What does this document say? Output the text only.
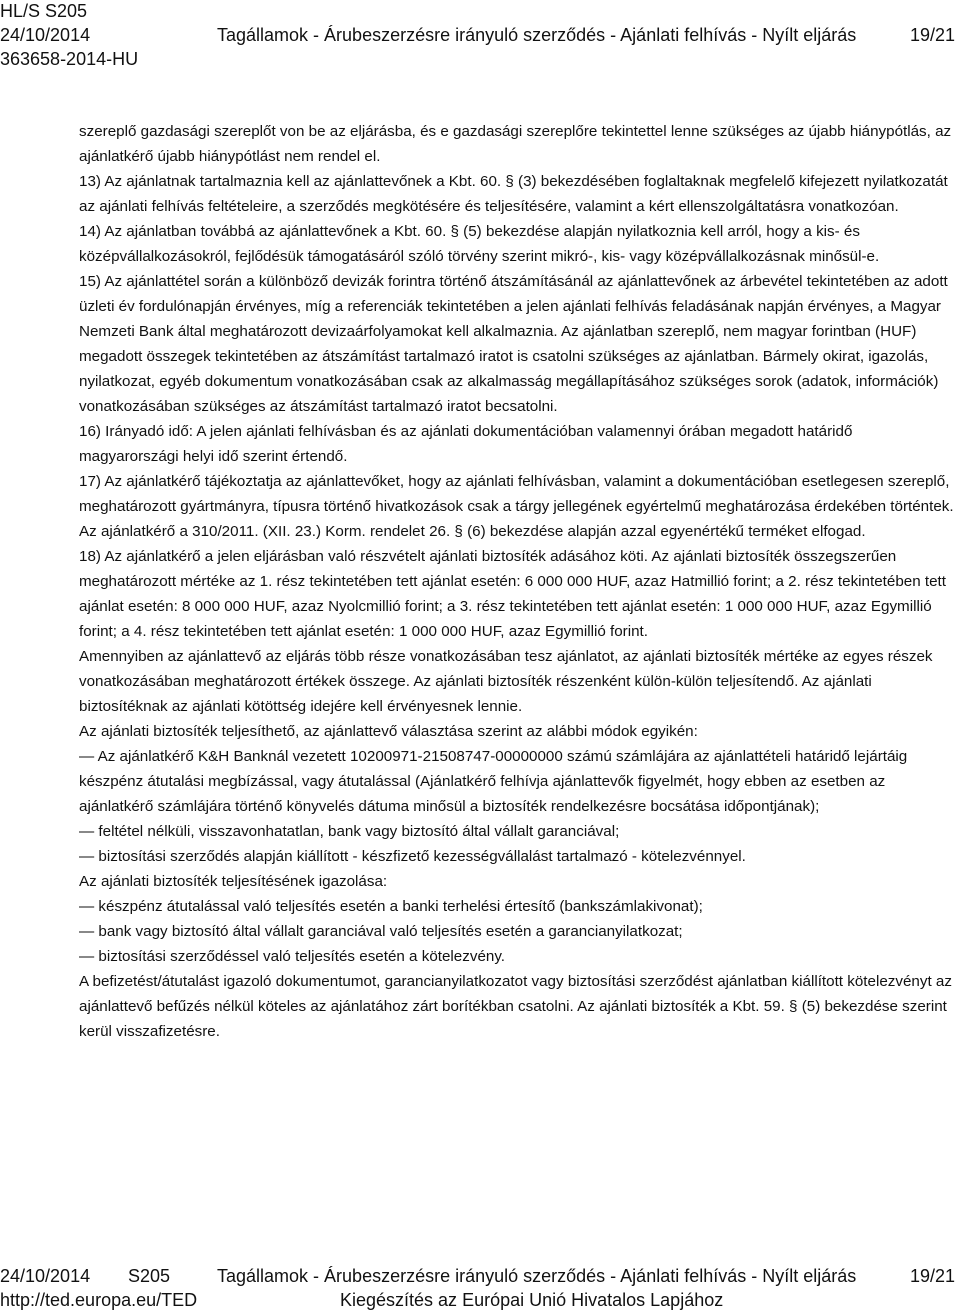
HL/S S205
24/10/2014	Tagállamok - Árubeszerzésre irányuló szerződés - Ajánlati felhívás - Nyílt eljárás	19/21
363658-2014-HU

szereplő gazdasági szereplőt von be az eljárásba, és e gazdasági szereplőre tekintettel lenne szükséges az újabb hiánypótlás, az ajánlatkérő újabb hiánypótlást nem rendel el.

13) Az ajánlatnak tartalmaznia kell az ajánlattevőnek a Kbt. 60. § (3) bekezdésében foglaltaknak megfelelő kifejezett nyilatkozatát az ajánlati felhívás feltételeire, a szerződés megkötésére és teljesítésére, valamint a kért ellenszolgáltatásra vonatkozóan.

14) Az ajánlatban továbbá az ajánlattevőnek a Kbt. 60. § (5) bekezdése alapján nyilatkoznia kell arról, hogy a kis- és középvállalkozásokról, fejlődésük támogatásáról szóló törvény szerint mikró-, kis- vagy középvállalkozásnak minősül-e.

15) Az ajánlattétel során a különböző devizák forintra történő átszámításánál az ajánlattevőnek az árbevétel tekintetében az adott üzleti év fordulónapján érvényes, míg a referenciák tekintetében a jelen ajánlati felhívás feladásának napján érvényes, a Magyar Nemzeti Bank által meghatározott devizaárfolyamokat kell alkalmaznia. Az ajánlatban szereplő, nem magyar forintban (HUF) megadott összegek tekintetében az átszámítást tartalmazó iratot is csatolni szükséges az ajánlatban. Bármely okirat, igazolás, nyilatkozat, egyéb dokumentum vonatkozásában csak az alkalmasság megállapításához szükséges sorok (adatok, információk) vonatkozásában szükséges az átszámítást tartalmazó iratot becsatolni.

16) Irányadó idő: A jelen ajánlati felhívásban és az ajánlati dokumentációban valamennyi órában megadott határidő magyarországi helyi idő szerint értendő.

17) Az ajánlatkérő tájékoztatja az ajánlattevőket, hogy az ajánlati felhívásban, valamint a dokumentációban esetlegesen szereplő, meghatározott gyártmányra, típusra történő hivatkozások csak a tárgy jellegének egyértelmű meghatározása érdekében történtek. Az ajánlatkérő a 310/2011. (XII. 23.) Korm. rendelet 26. § (6) bekezdése alapján azzal egyenértékű terméket elfogad.

18) Az ajánlatkérő a jelen eljárásban való részvételt ajánlati biztosíték adásához köti. Az ajánlati biztosíték összegszerűen meghatározott mértéke az 1. rész tekintetében tett ajánlat esetén: 6 000 000 HUF, azaz Hatmillió forint; a 2. rész tekintetében tett ajánlat esetén: 8 000 000 HUF, azaz Nyolcmillió forint; a 3. rész tekintetében tett ajánlat esetén: 1 000 000 HUF, azaz Egymillió forint; a 4. rész tekintetében tett ajánlat esetén: 1 000 000 HUF, azaz Egymillió forint.

Amennyiben az ajánlattevő az eljárás több része vonatkozásában tesz ajánlatot, az ajánlati biztosíték mértéke az egyes részek vonatkozásában meghatározott értékek összege. Az ajánlati biztosíték részenként külön-külön teljesítendő. Az ajánlati biztosítéknak az ajánlati kötöttség idejére kell érvényesnek lennie.

Az ajánlati biztosíték teljesíthető, az ajánlattevő választása szerint az alábbi módok egyikén:

— Az ajánlatkérő K&H Banknál vezetett 10200971-21508747-00000000 számú számlájára az ajánlattételi határidő lejártáig készpénz átutalási megbízással, vagy átutalással (Ajánlatkérő felhívja ajánlattevők figyelmét, hogy ebben az esetben az ajánlatkérő számlájára történő könyvelés dátuma minősül a biztosíték rendelkezésre bocsátása időpontjának);

— feltétel nélküli, visszavonhatatlan, bank vagy biztosító által vállalt garanciával;

— biztosítási szerződés alapján kiállított - készfizető kezességvállalást tartalmazó - kötelezvénnyel.

Az ajánlati biztosíték teljesítésének igazolása:

— készpénz átutalással való teljesítés esetén a banki terhelési értesítő (bankszámlakivonat);

— bank vagy biztosító által vállalt garanciával való teljesítés esetén a garancianyilatkozat;

— biztosítási szerződéssel való teljesítés esetén a kötelezvény.

A befizetést/átutalást igazoló dokumentumot, garancianyilatkozatot vagy biztosítási szerződést ajánlatban kiállított kötelezvényt az ajánlattevő befűzés nélkül köteles az ajánlatához zárt borítékban csatolni. Az ajánlati biztosíték a Kbt. 59. § (5) bekezdése szerint kerül visszafizetésre.

24/10/2014 S205	Tagállamok - Árubeszerzésre irányuló szerződés - Ajánlati felhívás - Nyílt eljárás	19/21
http://ted.europa.eu/TED	Kiegészítés az Európai Unió Hivatalos Lapjához
